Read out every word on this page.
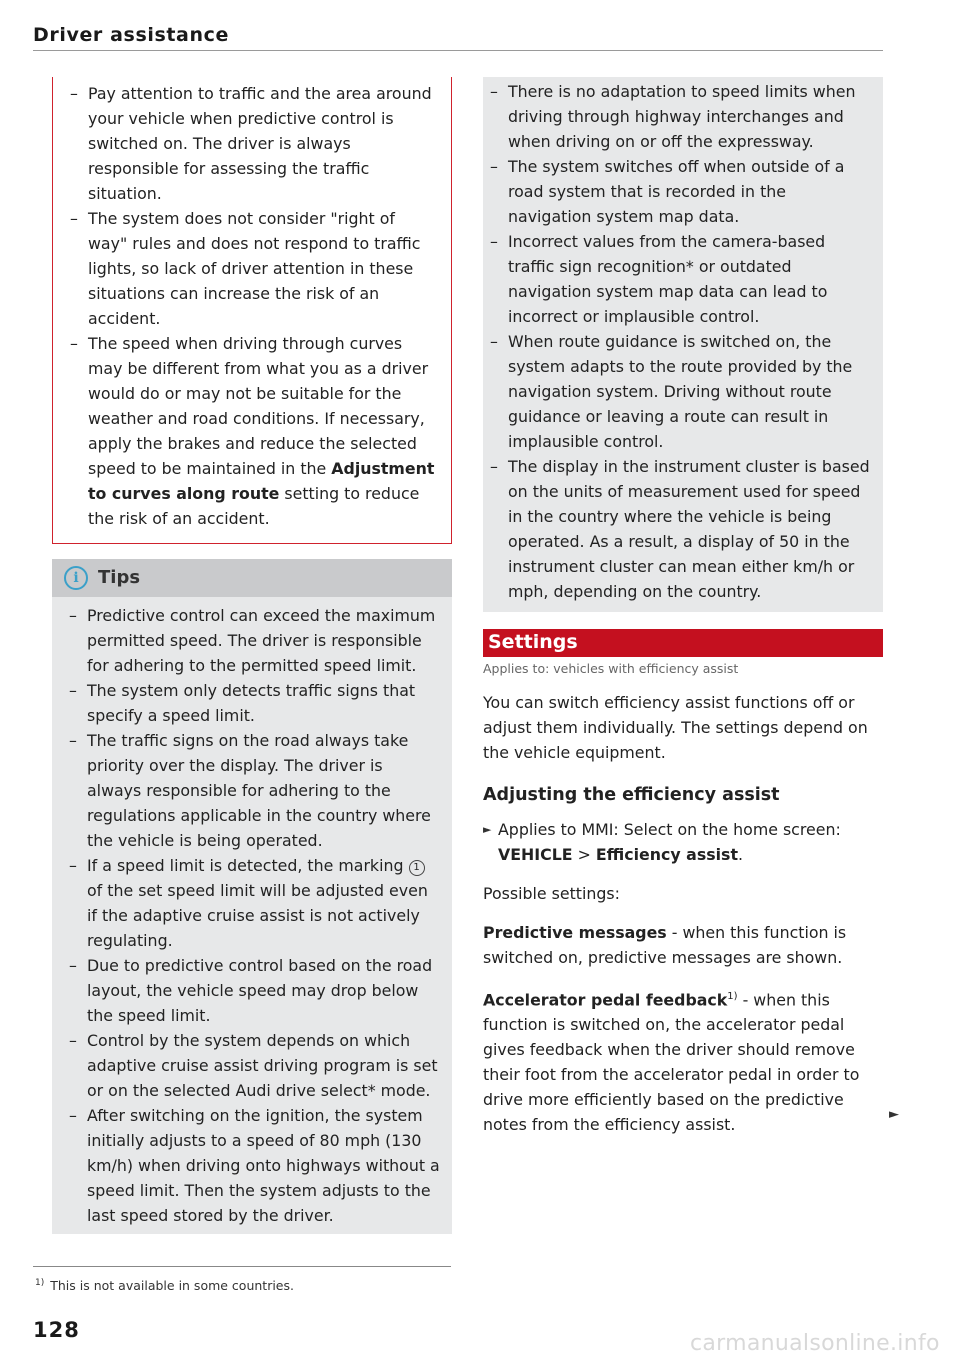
Driver assistance
– Pay attention to traffic and the area around your vehicle when predictive control is switched on. The driver is always responsible for assessing the traffic situation.
– The system does not consider "right of way" rules and does not respond to traffic lights, so lack of driver attention in these situations can increase the risk of an accident.
– The speed when driving through curves may be different from what you as a driver would do or may not be suitable for the weather and road conditions. If necessary, apply the brakes and reduce the selected speed to be maintained in the Adjustment to curves along route setting to reduce the risk of an accident.
i	Tips
– Predictive control can exceed the maximum permitted speed. The driver is responsible for adhering to the permitted speed limit.
– The system only detects traffic signs that specify a speed limit.
– The traffic signs on the road always take priority over the display. The driver is always responsible for adhering to the regulations applicable in the country where the vehicle is being operated.
– If a speed limit is detected, the marking 1 of the set speed limit will be adjusted even if the adaptive cruise assist is not actively regulating.
– Due to predictive control based on the road layout, the vehicle speed may drop below the speed limit.
– Control by the system depends on which adaptive cruise assist driving program is set or on the selected Audi drive select* mode.
– After switching on the ignition, the system initially adjusts to a speed of 80 mph (130 km/h) when driving onto highways without a speed limit. Then the system adjusts to the last speed stored by the driver.
– There is no adaptation to speed limits when driving through highway interchanges and when driving on or off the expressway.
– The system switches off when outside of a road system that is recorded in the navigation system map data.
– Incorrect values from the camera-based traffic sign recognition* or outdated navigation system map data can lead to incorrect or implausible control.
– When route guidance is switched on, the system adapts to the route provided by the navigation system. Driving without route guidance or leaving a route can result in implausible control.
– The display in the instrument cluster is based on the units of measurement used for speed in the country where the vehicle is being operated. As a result, a display of 50 in the instrument cluster can mean either km/h or mph, depending on the country.
Settings
Applies to: vehicles with efficiency assist
You can switch efficiency assist functions off or adjust them individually. The settings depend on the vehicle equipment.
Adjusting the efficiency assist
► Applies to MMI: Select on the home screen: VEHICLE > Efficiency assist.
Possible settings:
Predictive messages - when this function is switched on, predictive messages are shown.
Accelerator pedal feedback$^{1)}$ - when this function is switched on, the accelerator pedal gives feedback when the driver should remove their foot from the accelerator pedal in order to drive more efficiently based on the predictive notes from the efficiency assist.
►
$^{1)}$ This is not available in some countries.
128
carmanualsonline.info
